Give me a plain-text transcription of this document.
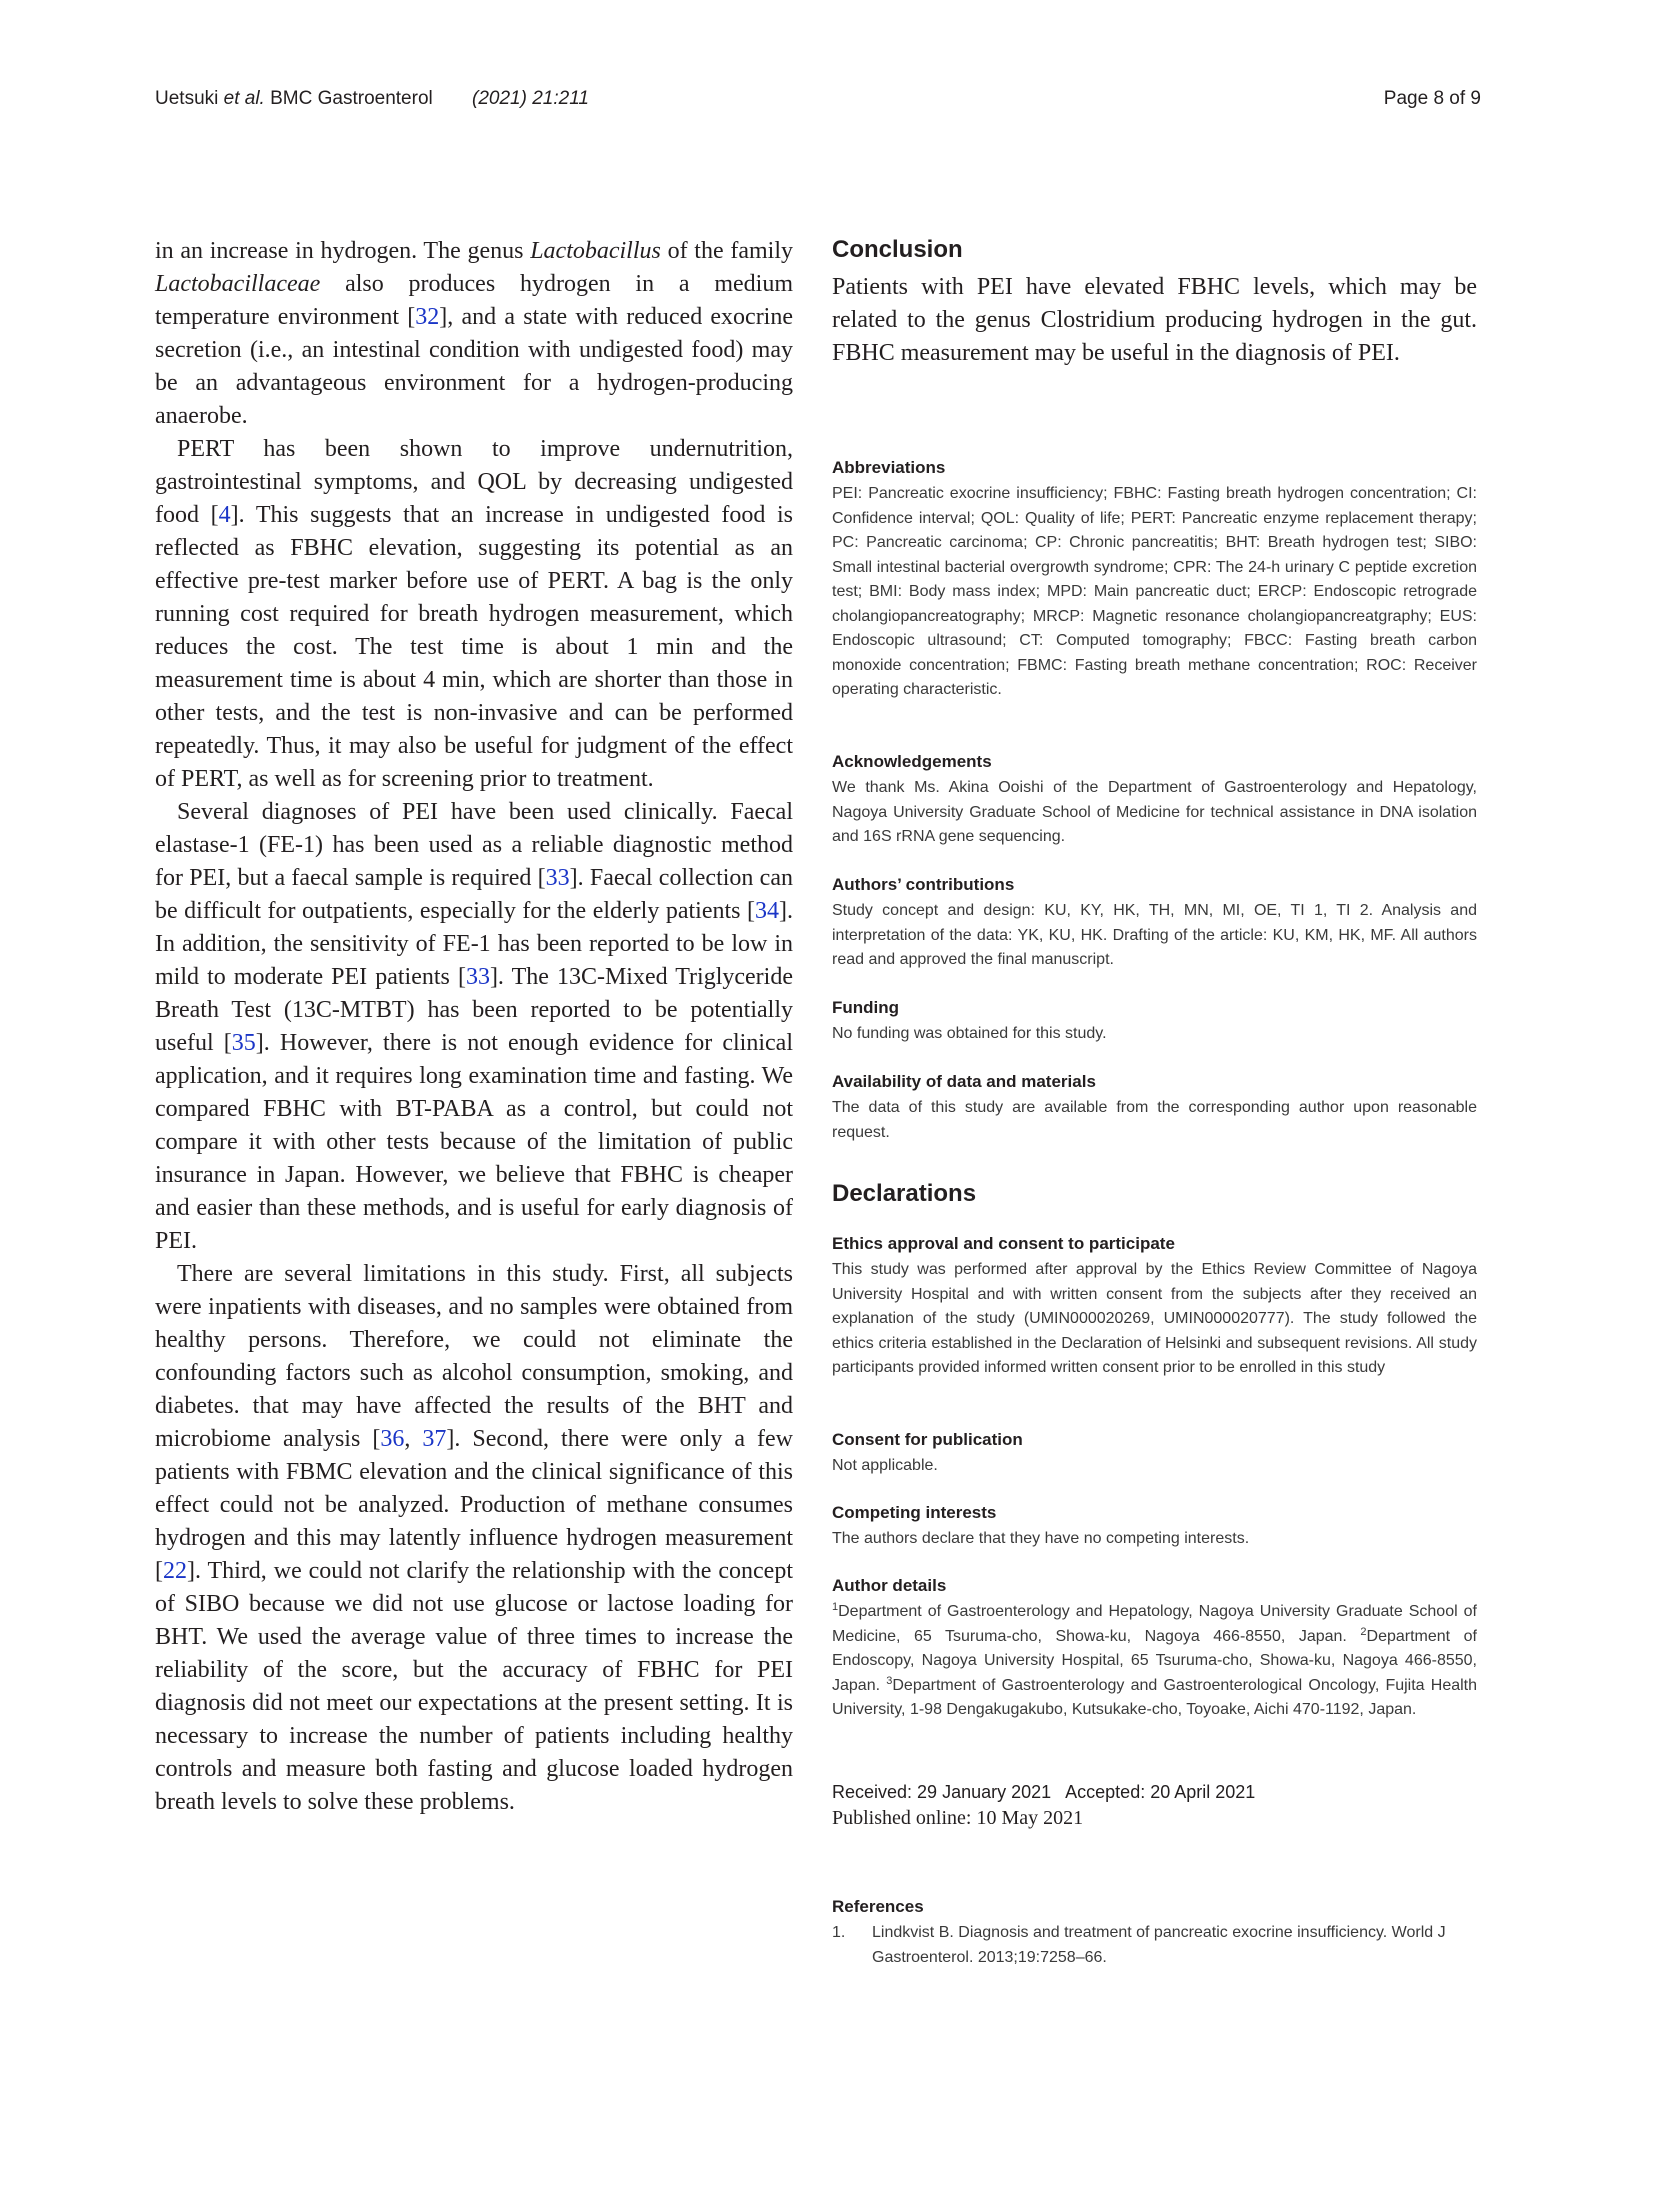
Uetsuki et al. BMC Gastroenterol (2021) 21:211	Page 8 of 9

in an increase in hydrogen. The genus Lactobacillus of the family Lactobacillaceae also produces hydrogen in a medium temperature environment [32], and a state with reduced exocrine secretion (i.e., an intestinal condition with undigested food) may be an advantageous environment for a hydrogen-producing anaerobe.

PERT has been shown to improve undernutrition, gastrointestinal symptoms, and QOL by decreasing undigested food [4]. This suggests that an increase in undigested food is reflected as FBHC elevation, suggesting its potential as an effective pre-test marker before use of PERT. A bag is the only running cost required for breath hydrogen measurement, which reduces the cost. The test time is about 1 min and the measurement time is about 4 min, which are shorter than those in other tests, and the test is non-invasive and can be performed repeatedly. Thus, it may also be useful for judgment of the effect of PERT, as well as for screening prior to treatment.

Several diagnoses of PEI have been used clinically. Faecal elastase-1 (FE-1) has been used as a reliable diagnostic method for PEI, but a faecal sample is required [33]. Faecal collection can be difficult for outpatients, especially for the elderly patients [34]. In addition, the sensitivity of FE-1 has been reported to be low in mild to moderate PEI patients [33]. The 13C-Mixed Triglyceride Breath Test (13C-MTBT) has been reported to be potentially useful [35]. However, there is not enough evidence for clinical application, and it requires long examination time and fasting. We compared FBHC with BT-PABA as a control, but could not compare it with other tests because of the limitation of public insurance in Japan. However, we believe that FBHC is cheaper and easier than these methods, and is useful for early diagnosis of PEI.

There are several limitations in this study. First, all subjects were inpatients with diseases, and no samples were obtained from healthy persons. Therefore, we could not eliminate the confounding factors such as alcohol consumption, smoking, and diabetes. that may have affected the results of the BHT and microbiome analysis [36, 37]. Second, there were only a few patients with FBMC elevation and the clinical significance of this effect could not be analyzed. Production of methane consumes hydrogen and this may latently influence hydrogen measurement [22]. Third, we could not clarify the relationship with the concept of SIBO because we did not use glucose or lactose loading for BHT. We used the average value of three times to increase the reliability of the score, but the accuracy of FBHC for PEI diagnosis did not meet our expectations at the present setting. It is necessary to increase the number of patients including healthy controls and measure both fasting and glucose loaded hydrogen breath levels to solve these problems.

Conclusion

Patients with PEI have elevated FBHC levels, which may be related to the genus Clostridium producing hydrogen in the gut. FBHC measurement may be useful in the diagnosis of PEI.

Abbreviations

PEI: Pancreatic exocrine insufficiency; FBHC: Fasting breath hydrogen concentration; CI: Confidence interval; QOL: Quality of life; PERT: Pancreatic enzyme replacement therapy; PC: Pancreatic carcinoma; CP: Chronic pancreatitis; BHT: Breath hydrogen test; SIBO: Small intestinal bacterial overgrowth syndrome; CPR: The 24-h urinary C peptide excretion test; BMI: Body mass index; MPD: Main pancreatic duct; ERCP: Endoscopic retrograde cholangiopancreatography; MRCP: Magnetic resonance cholangiopancreatgraphy; EUS: Endoscopic ultrasound; CT: Computed tomography; FBCC: Fasting breath carbon monoxide concentration; FBMC: Fasting breath methane concentration; ROC: Receiver operating characteristic.

Acknowledgements

We thank Ms. Akina Ooishi of the Department of Gastroenterology and Hepatology, Nagoya University Graduate School of Medicine for technical assistance in DNA isolation and 16S rRNA gene sequencing.

Authors’ contributions

Study concept and design: KU, KY, HK, TH, MN, MI, OE, TI 1, TI 2. Analysis and interpretation of the data: YK, KU, HK. Drafting of the article: KU, KM, HK, MF. All authors read and approved the final manuscript.

Funding

No funding was obtained for this study.

Availability of data and materials

The data of this study are available from the corresponding author upon reasonable request.

Declarations
Ethics approval and consent to participate

This study was performed after approval by the Ethics Review Committee of Nagoya University Hospital and with written consent from the subjects after they received an explanation of the study (UMIN000020269, UMIN000020777). The study followed the ethics criteria established in the Declaration of Helsinki and subsequent revisions. All study participants provided informed written consent prior to be enrolled in this study

Consent for publication

Not applicable.

Competing interests

The authors declare that they have no competing interests.

Author details

$^1$Department of Gastroenterology and Hepatology, Nagoya University Graduate School of Medicine, 65 Tsuruma-cho, Showa-ku, Nagoya 466-8550, Japan. $^2$Department of Endoscopy, Nagoya University Hospital, 65 Tsuruma-cho, Showa-ku, Nagoya 466-8550, Japan. $^3$Department of Gastroenterology and Gastroenterological Oncology, Fujita Health University, 1-98 Dengakugakubo, Kutsukake-cho, Toyoake, Aichi 470-1192, Japan.

Received: 29 January 2021   Accepted: 20 April 2021
Published online: 10 May 2021
References
1.	Lindkvist B. Diagnosis and treatment of pancreatic exocrine insufficiency. World J Gastroenterol. 2013;19:7258–66.
